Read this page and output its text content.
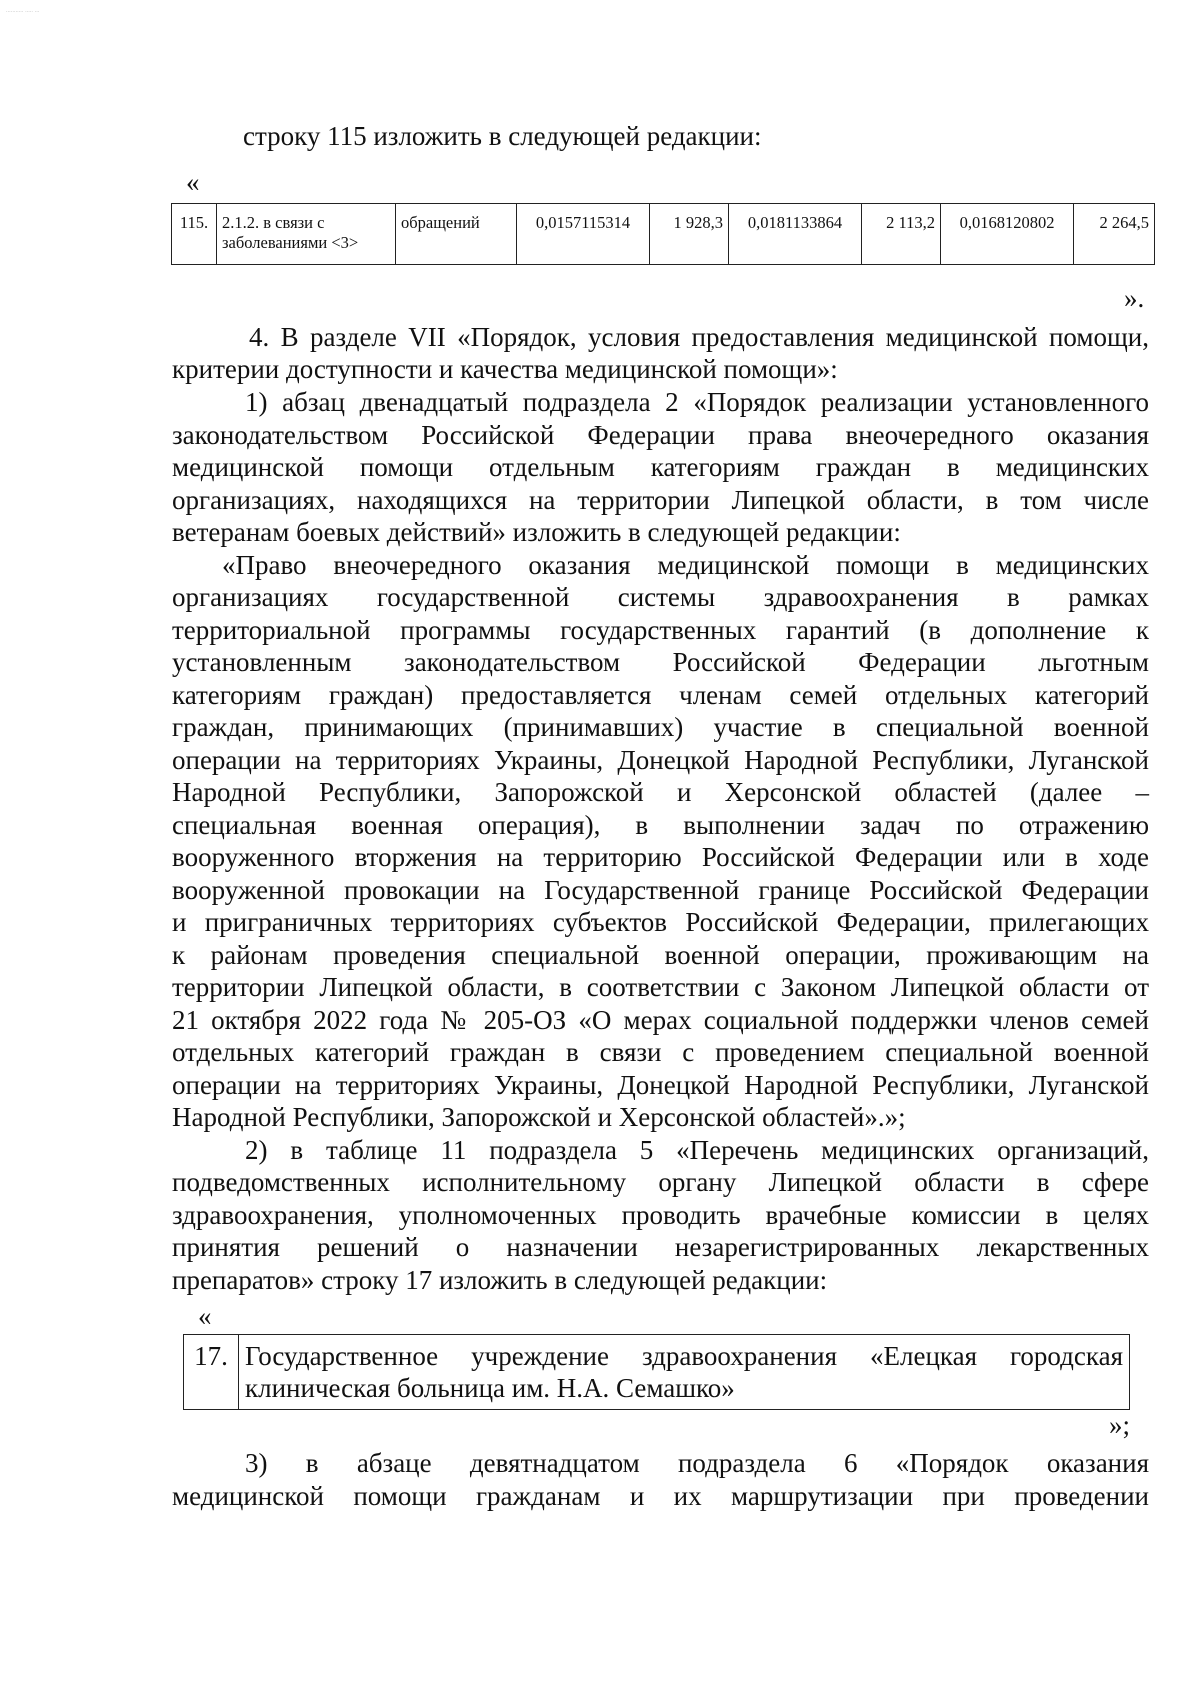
··········· ····· ···
строку 115 изложить в следующей редакции:
«
115.	2.1.2. в связи с заболеваниями <3>	обращений	0,0157115314	1 928,3	0,0181133864	2 113,2	0,0168120802	2 264,5
».
4. В разделе VII «Порядок, условия предоставления медицинской помощи,
критерии доступности и качества медицинской помощи»:
1) абзац двенадцатый подраздела 2 «Порядок реализации установленного
законодательством Российской Федерации права внеочередного оказания
медицинской помощи отдельным категориям граждан в медицинских
организациях, находящихся на территории Липецкой области, в том числе
ветеранам боевых действий» изложить в следующей редакции:
«Право внеочередного оказания медицинской помощи в медицинских
организациях государственной системы здравоохранения в рамках
территориальной программы государственных гарантий (в дополнение к
установленным законодательством Российской Федерации льготным
категориям граждан) предоставляется членам семей отдельных категорий
граждан, принимающих (принимавших) участие в специальной военной
операции на территориях Украины, Донецкой Народной Республики, Луганской
Народной Республики, Запорожской и Херсонской областей (далее –
специальная военная операция), в выполнении задач по отражению
вооруженного вторжения на территорию Российской Федерации или в ходе
вооруженной провокации на Государственной границе Российской Федерации
и приграничных территориях субъектов Российской Федерации, прилегающих
к районам проведения специальной военной операции, проживающим на
территории Липецкой области, в соответствии с Законом Липецкой области от
21 октября 2022 года № 205-ОЗ «О мерах социальной поддержки членов семей
отдельных категорий граждан в связи с проведением специальной военной
операции на территориях Украины, Донецкой Народной Республики, Луганской
Народной Республики, Запорожской и Херсонской областей».»;
2) в таблице 11 подраздела 5 «Перечень медицинских организаций,
подведомственных исполнительному органу Липецкой области в сфере
здравоохранения, уполномоченных проводить врачебные комиссии в целях
принятия решений о назначении незарегистрированных лекарственных
препаратов» строку 17 изложить в следующей редакции:
«
17.	Государственное учреждение здравоохранения «Елецкая городская клиническая больница им. Н.А. Семашко»
»;
3) в абзаце девятнадцатом подраздела 6 «Порядок оказания
медицинской помощи гражданам и их маршрутизации при проведении
